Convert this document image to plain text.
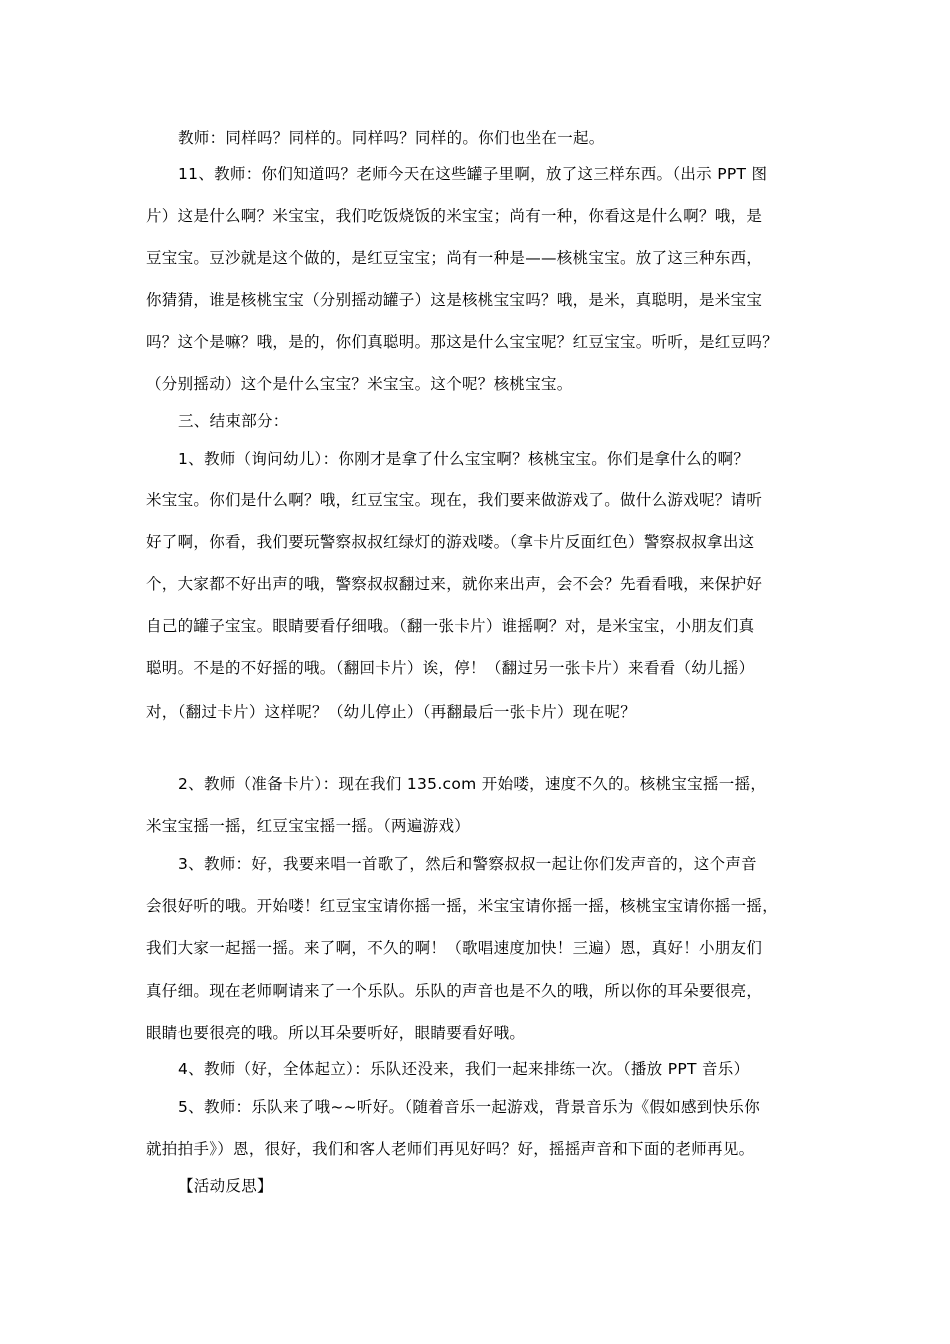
教师：同样吗？同样的。同样吗？同样的。你们也坐在一起。
11、教师：你们知道吗？老师今天在这些罐子里啊，放了这三样东西。（出示 PPT 图
片）这是什么啊？米宝宝，我们吃饭烧饭的米宝宝；尚有一种，你看这是什么啊？哦，是
豆宝宝。豆沙就是这个做的，是红豆宝宝；尚有一种是——核桃宝宝。放了这三种东西，
你猜猜，谁是核桃宝宝（分别摇动罐子）这是核桃宝宝吗？哦，是米，真聪明，是米宝宝
吗？这个是嘛？哦，是的，你们真聪明。那这是什么宝宝呢？红豆宝宝。听听，是红豆吗？
（分别摇动）这个是什么宝宝？米宝宝。这个呢？核桃宝宝。
三、结束部分：
1、教师（询问幼儿）：你刚才是拿了什么宝宝啊？核桃宝宝。你们是拿什么的啊？
米宝宝。你们是什么啊？哦，红豆宝宝。现在，我们要来做游戏了。做什么游戏呢？请听
好了啊，你看，我们要玩警察叔叔红绿灯的游戏喽。（拿卡片反面红色）警察叔叔拿出这
个，大家都不好出声的哦，警察叔叔翻过来，就你来出声，会不会？先看看哦，来保护好
自己的罐子宝宝。眼睛要看仔细哦。（翻一张卡片）谁摇啊？对，是米宝宝，小朋友们真
聪明。不是的不好摇的哦。（翻回卡片）诶，停！（翻过另一张卡片）来看看（幼儿摇）
对，（翻过卡片）这样呢？（幼儿停止）（再翻最后一张卡片）现在呢？
2、教师（准备卡片）：现在我们 135.com 开始喽，速度不久的。核桃宝宝摇一摇，
米宝宝摇一摇，红豆宝宝摇一摇。（两遍游戏）
3、教师：好，我要来唱一首歌了，然后和警察叔叔一起让你们发声音的，这个声音
会很好听的哦。开始喽！红豆宝宝请你摇一摇，米宝宝请你摇一摇，核桃宝宝请你摇一摇，
我们大家一起摇一摇。来了啊，不久的啊！（歌唱速度加快！三遍）恩，真好！小朋友们
真仔细。现在老师啊请来了一个乐队。乐队的声音也是不久的哦，所以你的耳朵要很亮，
眼睛也要很亮的哦。所以耳朵要听好，眼睛要看好哦。
4、教师（好，全体起立）：乐队还没来，我们一起来排练一次。（播放 PPT 音乐）
5、教师：乐队来了哦~~听好。（随着音乐一起游戏，背景音乐为《假如感到快乐你
就拍拍手》）恩，很好，我们和客人老师们再见好吗？好，摇摇声音和下面的老师再见。
【活动反思】
